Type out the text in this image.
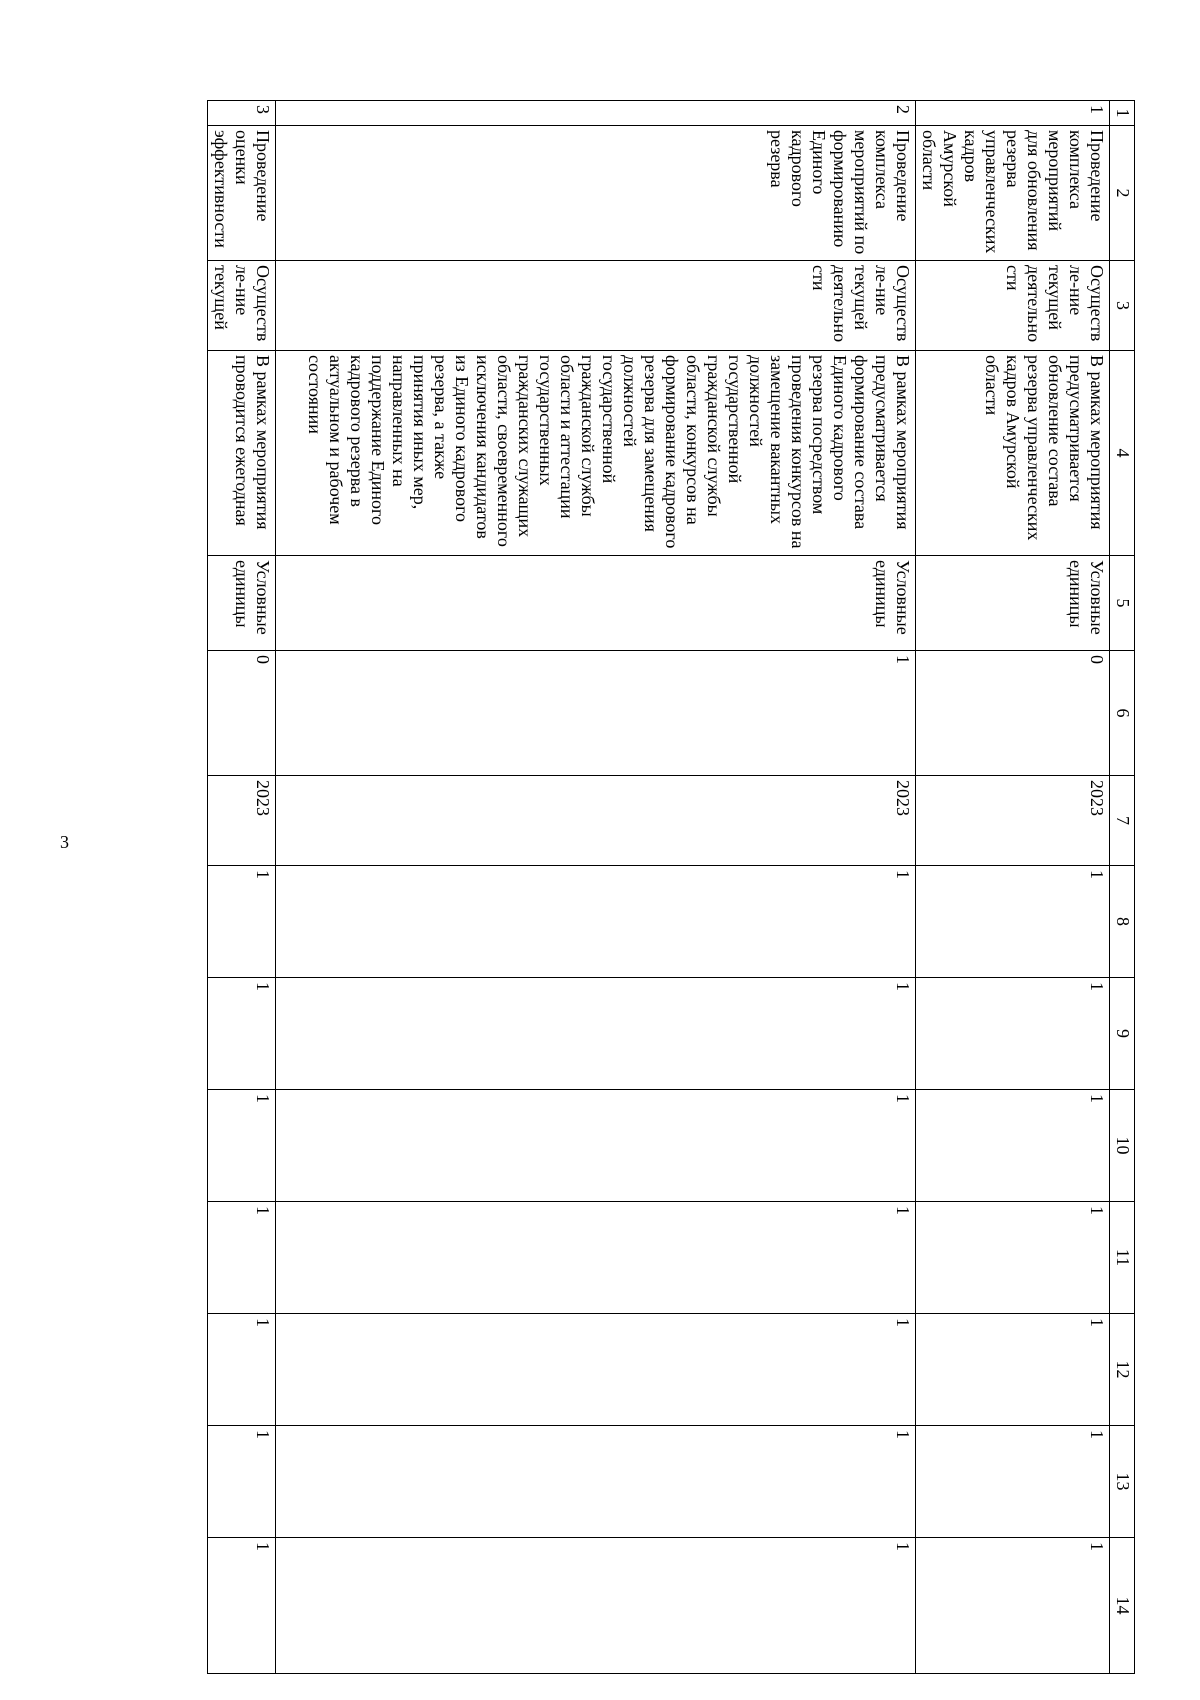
3
1	2	3	4	5	6	7	8	9	10	11	12	13	14
1	Проведение комплекса мероприятий для обновления резерва управленческих кадров Амурской области	Осуществле-ние текущей деятельности	В рамках мероприятия предусматривается обновление состава резерва управленческих кадров Амурской области	Условные единицы	0	2023	1	1	1	1	1	1	1
2	Проведение комплекса мероприятий по формированию Единого кадрового резерва	Осуществле-ние текущей деятельности	В рамках мероприятия предусматривается формирование состава Единого кадрового резерва посредством проведения конкурсов на замещение вакантных должностей государственной гражданской службы области, конкурсов на формирование кадрового резерва для замещения должностей государственной гражданской службы области и аттестации государственных гражданских служащих области, своевременного исключения кандидатов из Единого кадрового резерва, а также принятия иных мер, направленных на поддержание Единого кадрового резерва в актуальном и рабочем состоянии	Условные единицы	1	2023	1	1	1	1	1	1	1
3	Проведение оценки эффективности	Осуществле-ние текущей	В рамках мероприятия проводится ежегодная	Условные единицы	0	2023	1	1	1	1	1	1	1
